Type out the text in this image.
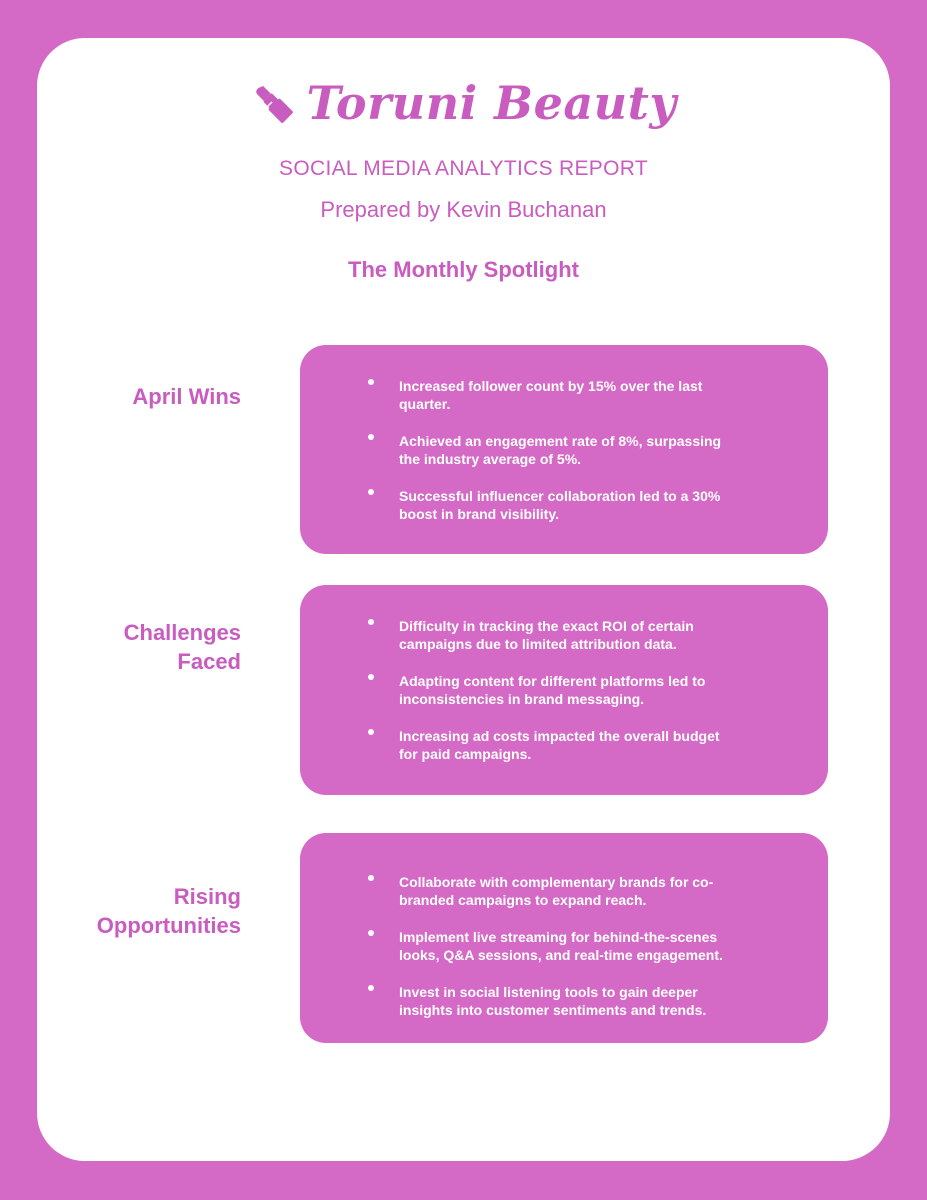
Toruni Beauty
SOCIAL MEDIA ANALYTICS REPORT
Prepared by Kevin Buchanan
The Monthly Spotlight
April Wins	Increased follower count by 15% over the last quarter.
Achieved an engagement rate of 8%, surpassing the industry average of 5%.
Successful influencer collaboration led to a 30% boost in brand visibility.
Challenges
Faced
Difficulty in tracking the exact ROI of certain campaigns due to limited attribution data.
Adapting content for different platforms led to inconsistencies in brand messaging.
Increasing ad costs impacted the overall budget for paid campaigns.
Rising
Opportunities
Collaborate with complementary brands for co-branded campaigns to expand reach.
Implement live streaming for behind-the-scenes looks, Q&A sessions, and real-time engagement.
Invest in social listening tools to gain deeper insights into customer sentiments and trends.
